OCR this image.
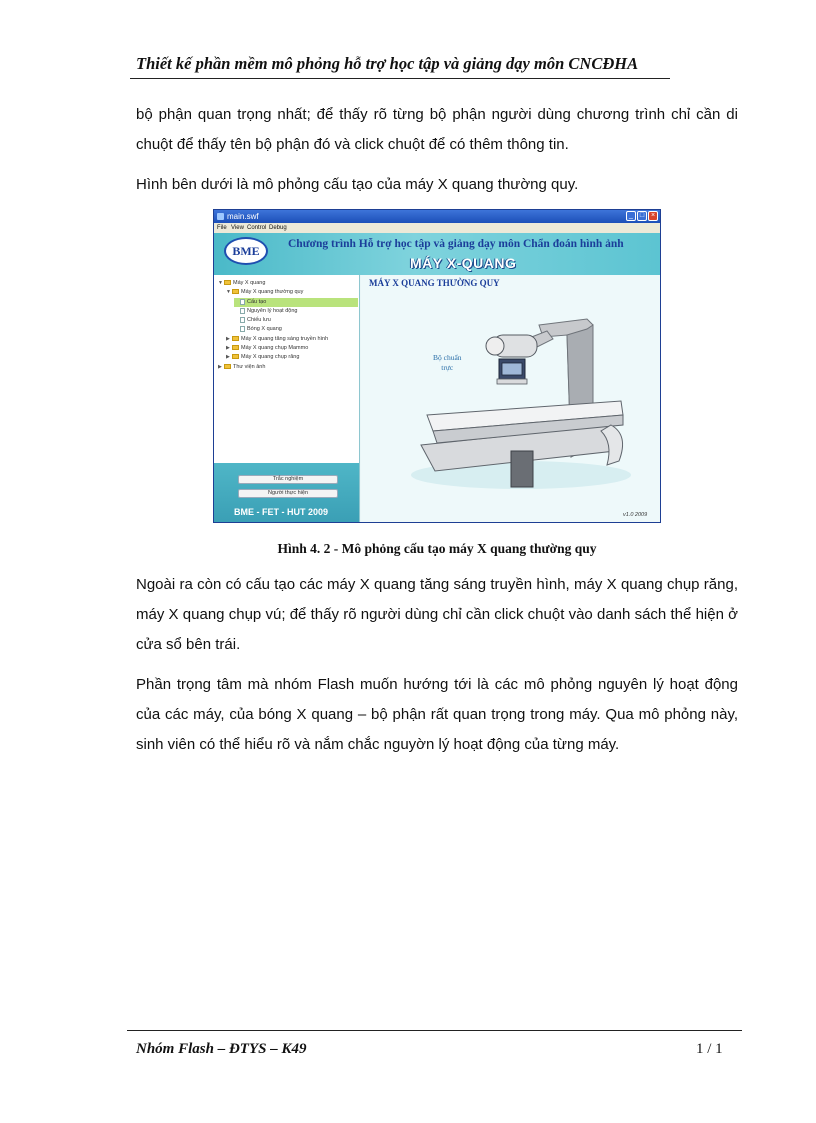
Thiết kế phần mềm mô phỏng hỗ trợ học tập và giảng dạy môn CNCĐHA
bộ phận quan trọng nhất; để thấy rõ từng bộ phận người dùng chương trình chỉ cần di chuột để thấy tên bộ phận đó và click chuột để có thêm thông tin.
Hình bên dưới là mô phỏng cấu tạo của máy X quang thường quy.
main.swf	_ □ ×
File View Control Debug
BME	Chương trình Hỗ trợ học tập và giảng dạy môn Chẩn đoán hình ảnh
MÁY X-QUANG
▼ Máy X quang
▼ Máy X quang thường quy
Cấu tạo
Nguyên lý hoạt động
Chiếu lưu
Bóng X quang
▶ Máy X quang tăng sáng truyền hình
▶ Máy X quang chụp Mammo
▶ Máy X quang chụp răng
▶ Thư viện ảnh
Trắc nghiệm
Người thực hiện
BME - FET - HUT 2009
MÁY X QUANG THƯỜNG QUY
Bộ chuẩn
trực
v1.0 2009
Hình 4. 2 - Mô phỏng cấu tạo máy X quang thường quy
Ngoài ra còn có cấu tạo các máy X quang tăng sáng truyền hình, máy X quang chụp răng, máy X quang chụp vú; để thấy rõ người dùng chỉ cần click chuột vào danh sách thể hiện ở cửa sổ bên trái.
Phần trọng tâm mà nhóm Flash muốn hướng tới là các mô phỏng nguyên lý hoạt động của các máy, của bóng X quang – bộ phận rất quan trọng trong máy. Qua mô phỏng này, sinh viên có thể hiểu rõ và nắm chắc nguyờn lý hoạt động của từng máy.
Nhóm Flash – ĐTYS – K49	1 / 1
